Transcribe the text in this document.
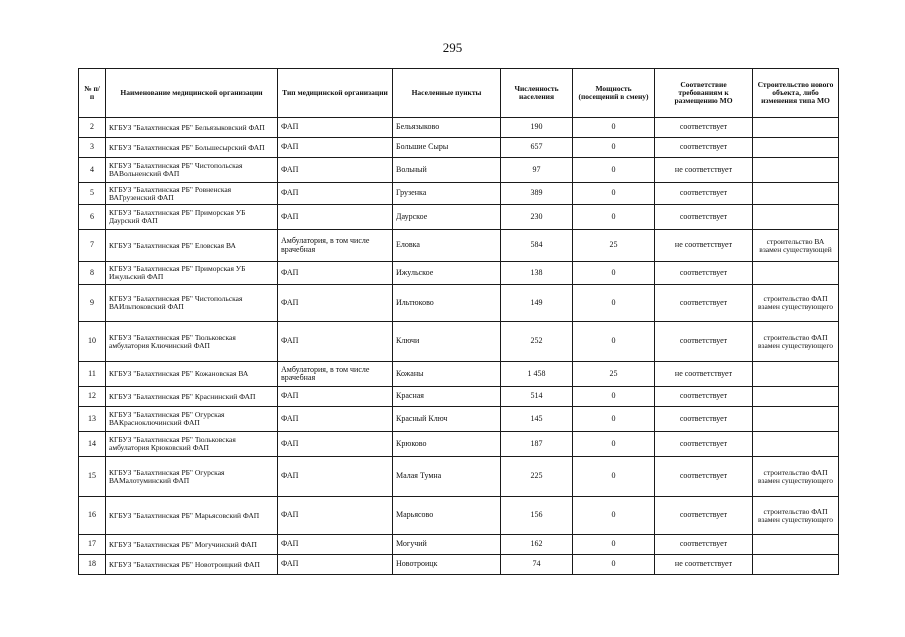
295
№ п/п	Наименование медицинской организации	Тип медицинской организации	Населенные пункты	Численность населения	Мощность (посещений в смену)	Соответствие требованиям к размещению МО	Строительство нового объекта, либо изменения типа МО
2	КГБУЗ "Балахтинская РБ" Бельязыковский ФАП	ФАП	Бельязыково	190	0	соответствует	
3	КГБУЗ "Балахтинская РБ" Большесырский ФАП	ФАП	Большие Сыры	657	0	соответствует	
4	КГБУЗ "Балахтинская РБ" Чистопольская ВАВольненский ФАП	ФАП	Вольный	97	0	не соответствует	
5	КГБУЗ "Балахтинская РБ" Ровненская ВАГрузенский ФАП	ФАП	Грузенка	389	0	соответствует	
6	КГБУЗ "Балахтинская РБ" Приморская УБ Даурский ФАП	ФАП	Даурское	230	0	соответствует	
7	КГБУЗ "Балахтинская РБ" Еловская ВА	Амбулатория, в том числе врачебная	Еловка	584	25	не соответствует	строительство ВА взамен существующей
8	КГБУЗ "Балахтинская РБ" Приморская УБ Ижульский ФАП	ФАП	Ижульское	138	0	соответствует	
9	КГБУЗ "Балахтинская РБ" Чистопольская ВАИльтюковский ФАП	ФАП	Ильтюково	149	0	соответствует	строительство ФАП взамен существующего
10	КГБУЗ "Балахтинская РБ" Тюльковская амбулатория Ключинский ФАП	ФАП	Ключи	252	0	соответствует	строительство ФАП взамен существующего
11	КГБУЗ "Балахтинская РБ" Кожановская ВА	Амбулатория, в том числе врачебная	Кожаны	1 458	25	не соответствует	
12	КГБУЗ "Балахтинская РБ" Краснинский ФАП	ФАП	Красная	514	0	соответствует	
13	КГБУЗ "Балахтинская РБ" Огурская ВАКрасноключинский ФАП	ФАП	Красный Ключ	145	0	соответствует	
14	КГБУЗ "Балахтинская РБ" Тюльковская амбулатория Крюковский ФАП	ФАП	Крюково	187	0	соответствует	
15	КГБУЗ "Балахтинская РБ" Огурская ВАМалотуминский ФАП	ФАП	Малая Тумна	225	0	соответствует	строительство ФАП взамен существующего
16	КГБУЗ "Балахтинская РБ" Марьясовский ФАП	ФАП	Марьясово	156	0	соответствует	строительство ФАП взамен существующего
17	КГБУЗ "Балахтинская РБ" Могучинский ФАП	ФАП	Могучий	162	0	соответствует	
18	КГБУЗ "Балахтинская РБ" Новотроицкий ФАП	ФАП	Новотроицк	74	0	не соответствует	
